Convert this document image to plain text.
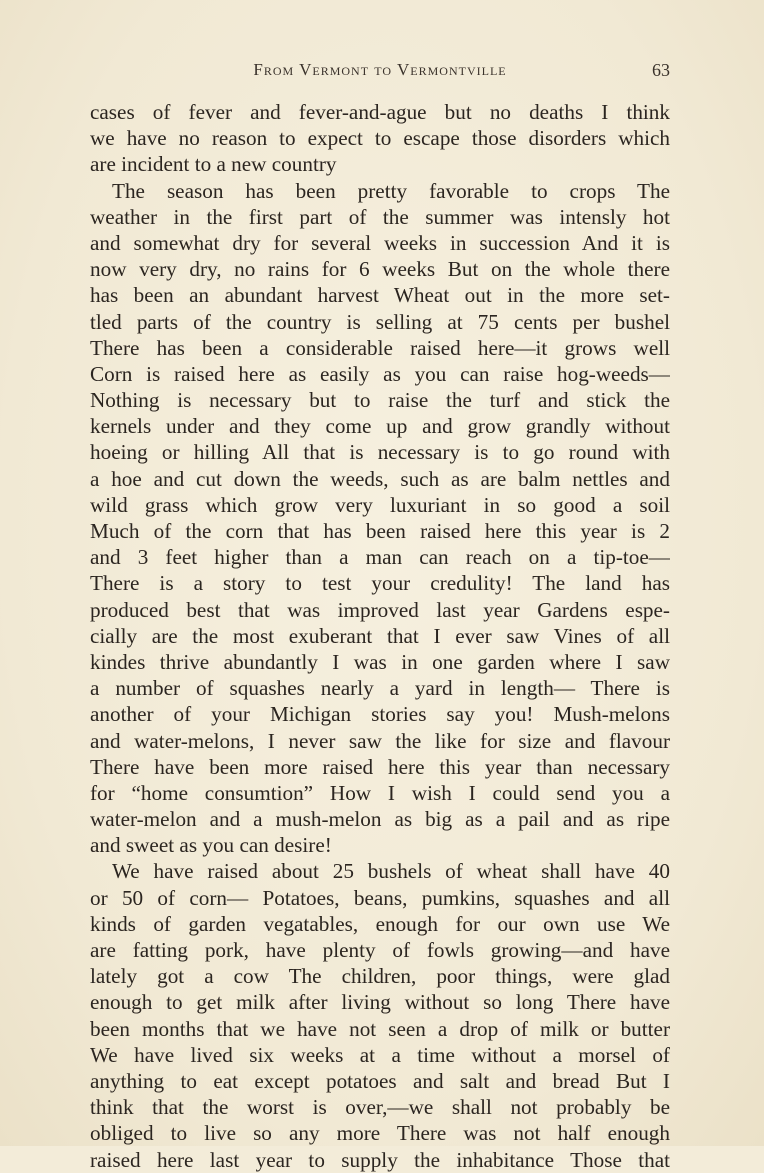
From Vermont to Vermontville	63
cases of fever and fever-and-ague but no deaths I think
we have no reason to expect to escape those disorders which
are incident to a new country
The season has been pretty favorable to crops The
weather in the first part of the summer was intensly hot
and somewhat dry for several weeks in succession And it is
now very dry, no rains for 6 weeks But on the whole there
has been an abundant harvest Wheat out in the more set-
tled parts of the country is selling at 75 cents per bushel
There has been a considerable raised here—it grows well
Corn is raised here as easily as you can raise hog-weeds—
Nothing is necessary but to raise the turf and stick the
kernels under and they come up and grow grandly without
hoeing or hilling All that is necessary is to go round with
a hoe and cut down the weeds, such as are balm nettles and
wild grass which grow very luxuriant in so good a soil
Much of the corn that has been raised here this year is 2
and 3 feet higher than a man can reach on a tip-toe—
There is a story to test your credulity! The land has
produced best that was improved last year Gardens espe-
cially are the most exuberant that I ever saw Vines of all
kindes thrive abundantly I was in one garden where I saw
a number of squashes nearly a yard in length— There is
another of your Michigan stories say you! Mush-melons
and water-melons, I never saw the like for size and flavour
There have been more raised here this year than necessary
for “home consumtion” How I wish I could send you a
water-melon and a mush-melon as big as a pail and as ripe
and sweet as you can desire!
We have raised about 25 bushels of wheat shall have 40
or 50 of corn— Potatoes, beans, pumkins, squashes and all
kinds of garden vegatables, enough for our own use We
are fatting pork, have plenty of fowls growing—and have
lately got a cow The children, poor things, were glad
enough to get milk after living without so long There have
been months that we have not seen a drop of milk or butter
We have lived six weeks at a time without a morsel of
anything to eat except potatoes and salt and bread But I
think that the worst is over,—we shall not probably be
obliged to live so any more There was not half enough
raised here last year to supply the inhabitance Those that
